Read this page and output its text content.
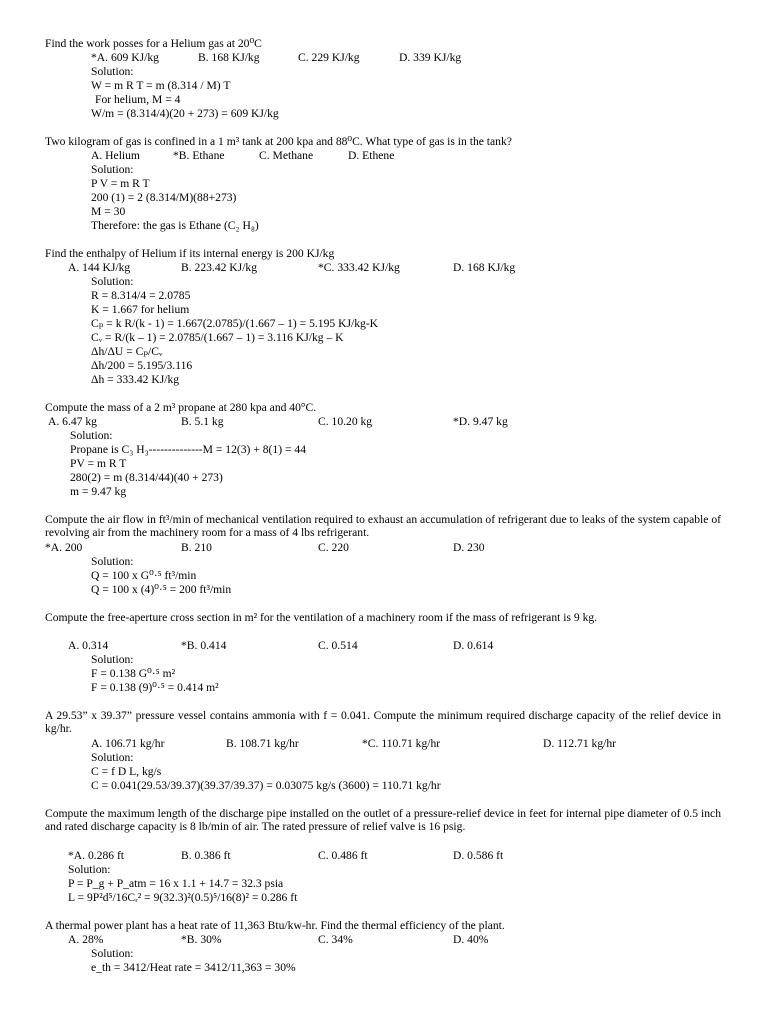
Find the work posses for a Helium gas at 20⁰C
*A. 609 KJ/kg	B. 168 KJ/kg	C. 229 KJ/kg	D. 339 KJ/kg
Solution:
W = m R T = m (8.314 / M) T
For helium, M = 4
W/m = (8.314/4)(20 + 273) = 609 KJ/kg
Two kilogram of gas is confined in a 1 m³ tank at 200 kpa and 88⁰C. What type of gas is in the tank?
A. Helium	*B. Ethane	C. Methane	D. Ethene
Solution:
P V = m R T
200 (1) = 2 (8.314/M)(88+273)
M = 30
Therefore: the gas is Ethane (C₂ H₈)
Find the enthalpy of Helium if its internal energy is 200 KJ/kg
A. 144 KJ/kg	B. 223.42 KJ/kg	*C. 333.42 KJ/kg	D. 168 KJ/kg
Solution:
R = 8.314/4 = 2.0785
K = 1.667 for helium
Cₚ = k R/(k - 1) = 1.667(2.0785)/(1.667 – 1) = 5.195 KJ/kg-K
Cᵥ = R/(k – 1) = 2.0785/(1.667 – 1) = 3.116 KJ/kg – K
Δh/ΔU = Cₚ/Cᵥ
Δh/200 = 5.195/3.116
Δh = 333.42 KJ/kg
Compute the mass of a 2 m³ propane at 280 kpa and 40°C.
A. 6.47 kg	B. 5.1 kg	C. 10.20 kg	*D. 9.47 kg
Solution:
Propane is C₃ H₃--------------M = 12(3) + 8(1) = 44
PV = m R T
280(2) = m (8.314/44)(40 + 273)
m = 9.47 kg
Compute the air flow in ft³/min of mechanical ventilation required to exhaust an accumulation of refrigerant due to leaks of the system capable of revolving air from the machinery room for a mass of 4 lbs refrigerant.
*A. 200	B. 210	C. 220	D. 230
Solution:
Q = 100 x G⁰·⁵ ft³/min
Q = 100 x (4)⁰·⁵ = 200 ft³/min
Compute the free-aperture cross section in m² for the ventilation of a machinery room if the mass of refrigerant is 9 kg.
A. 0.314	*B. 0.414	C. 0.514	D. 0.614
Solution:
F = 0.138 G⁰·⁵ m²
F = 0.138 (9)⁰·⁵ = 0.414 m²
A 29.53” x 39.37” pressure vessel contains ammonia with f = 0.041. Compute the minimum required discharge capacity of the relief device in kg/hr.
A. 106.71 kg/hr	B. 108.71 kg/hr	*C. 110.71 kg/hr	D. 112.71 kg/hr
Solution:
C = f D L, kg/s
C = 0.041(29.53/39.37)(39.37/39.37) = 0.03075 kg/s (3600) = 110.71 kg/hr
Compute the maximum length of the discharge pipe installed on the outlet of a pressure-relief device in feet for internal pipe diameter of 0.5 inch and rated discharge capacity is 8 lb/min of air. The rated pressure of relief valve is 16 psig.
*A. 0.286 ft	B. 0.386 ft	C. 0.486 ft	D. 0.586 ft
Solution:
P = P_g + P_atm = 16 x 1.1 + 14.7 = 32.3 psia
L = 9P²d⁵/16Cᵣ² = 9(32.3)²(0.5)⁵/16(8)² = 0.286 ft
A thermal power plant has a heat rate of 11,363 Btu/kw-hr. Find the thermal efficiency of the plant.
A. 28%	*B. 30%	C. 34%	D. 40%
Solution:
e_th = 3412/Heat rate = 3412/11,363 = 30%
